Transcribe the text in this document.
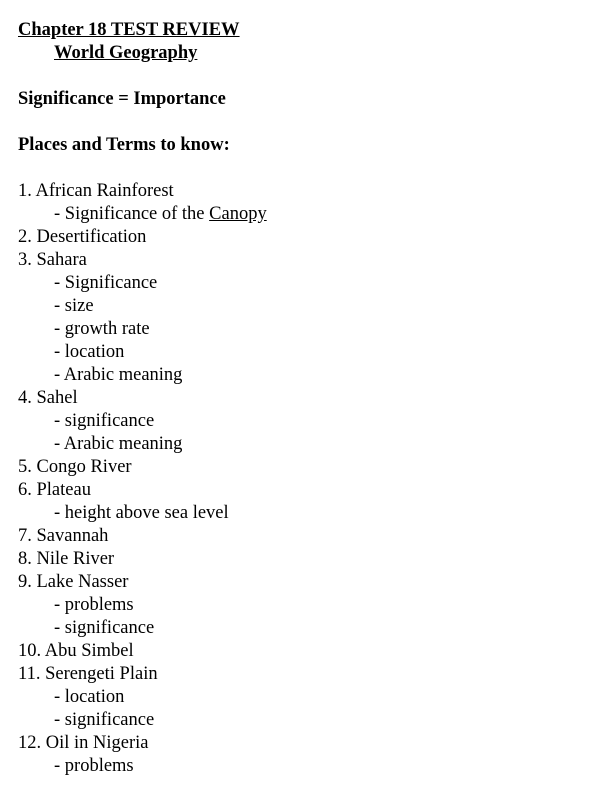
Chapter 18 TEST REVIEW
World Geography
Significance = Importance
Places and Terms to know:
1. African Rainforest
- Significance of the Canopy
2. Desertification
3. Sahara
- Significance
- size
- growth rate
- location
- Arabic meaning
4. Sahel
- significance
- Arabic meaning
5. Congo River
6. Plateau
- height above sea level
7. Savannah
8. Nile River
9. Lake Nasser
- problems
- significance
10. Abu Simbel
11. Serengeti Plain
- location
- significance
12. Oil in Nigeria
- problems
